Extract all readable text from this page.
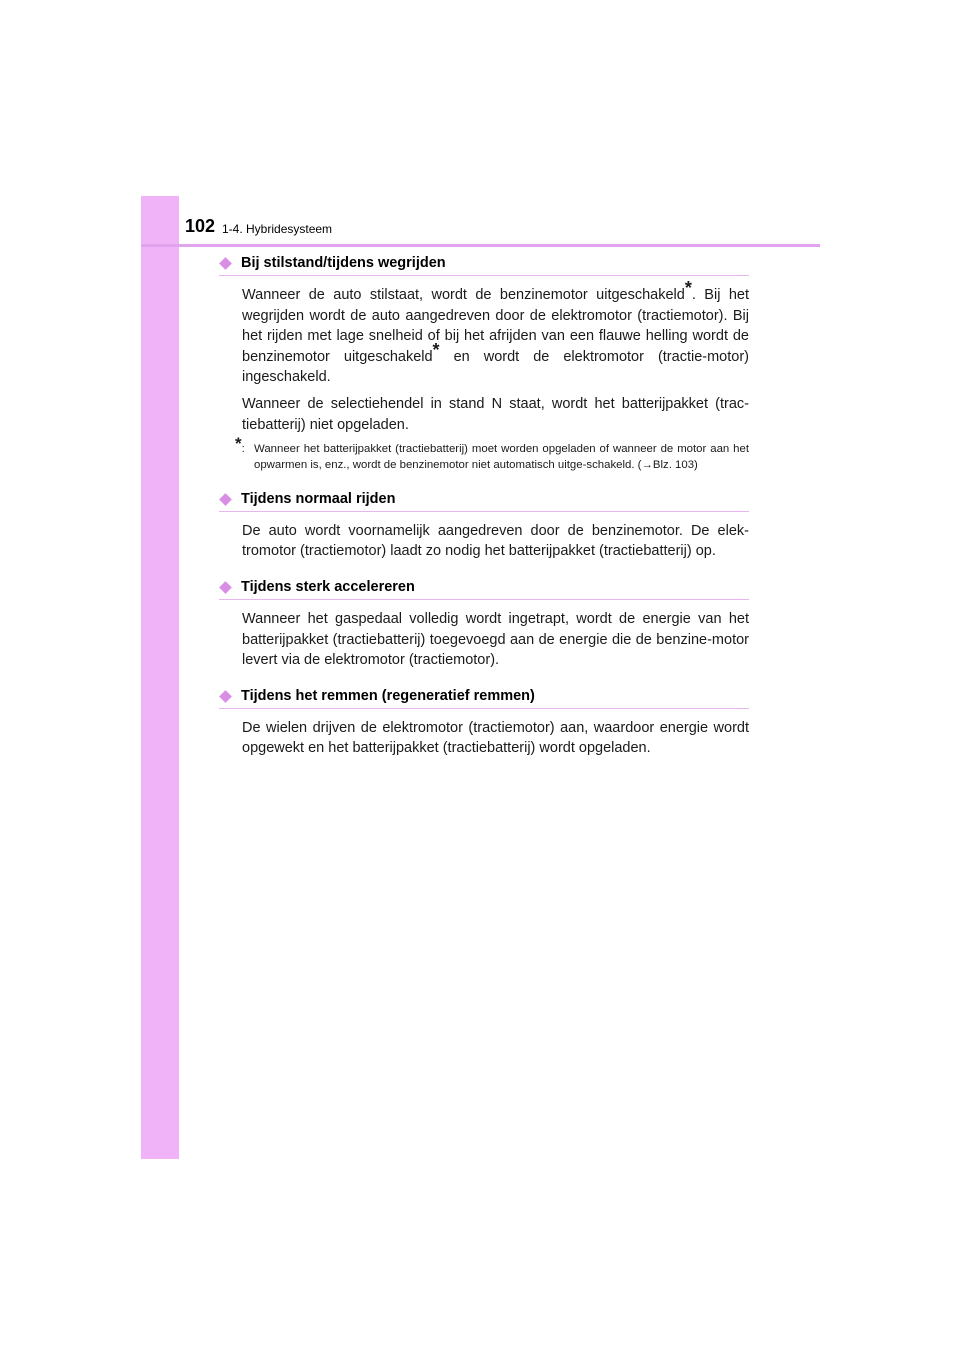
102 1-4. Hybridesysteem
Bij stilstand/tijdens wegrijden

Wanneer de auto stilstaat, wordt de benzinemotor uitgeschakeld*. Bij het wegrijden wordt de auto aangedreven door de elektromotor (tractiemotor). Bij het rijden met lage snelheid of bij het afrijden van een flauwe helling wordt de benzinemotor uitgeschakeld* en wordt de elektromotor (tractie-motor) ingeschakeld.

Wanneer de selectiehendel in stand N staat, wordt het batterijpakket (trac-tiebatterij) niet opgeladen.

*: Wanneer het batterijpakket (tractiebatterij) moet worden opgeladen of wanneer de motor aan het opwarmen is, enz., wordt de benzinemotor niet automatisch uitge-schakeld. (→Blz. 103)
Tijdens normaal rijden

De auto wordt voornamelijk aangedreven door de benzinemotor. De elek-tromotor (tractiemotor) laadt zo nodig het batterijpakket (tractiebatterij) op.

Tijdens sterk accelereren

Wanneer het gaspedaal volledig wordt ingetrapt, wordt de energie van het batterijpakket (tractiebatterij) toegevoegd aan de energie die de benzine-motor levert via de elektromotor (tractiemotor).

Tijdens het remmen (regeneratief remmen)

De wielen drijven de elektromotor (tractiemotor) aan, waardoor energie wordt opgewekt en het batterijpakket (tractiebatterij) wordt opgeladen.
